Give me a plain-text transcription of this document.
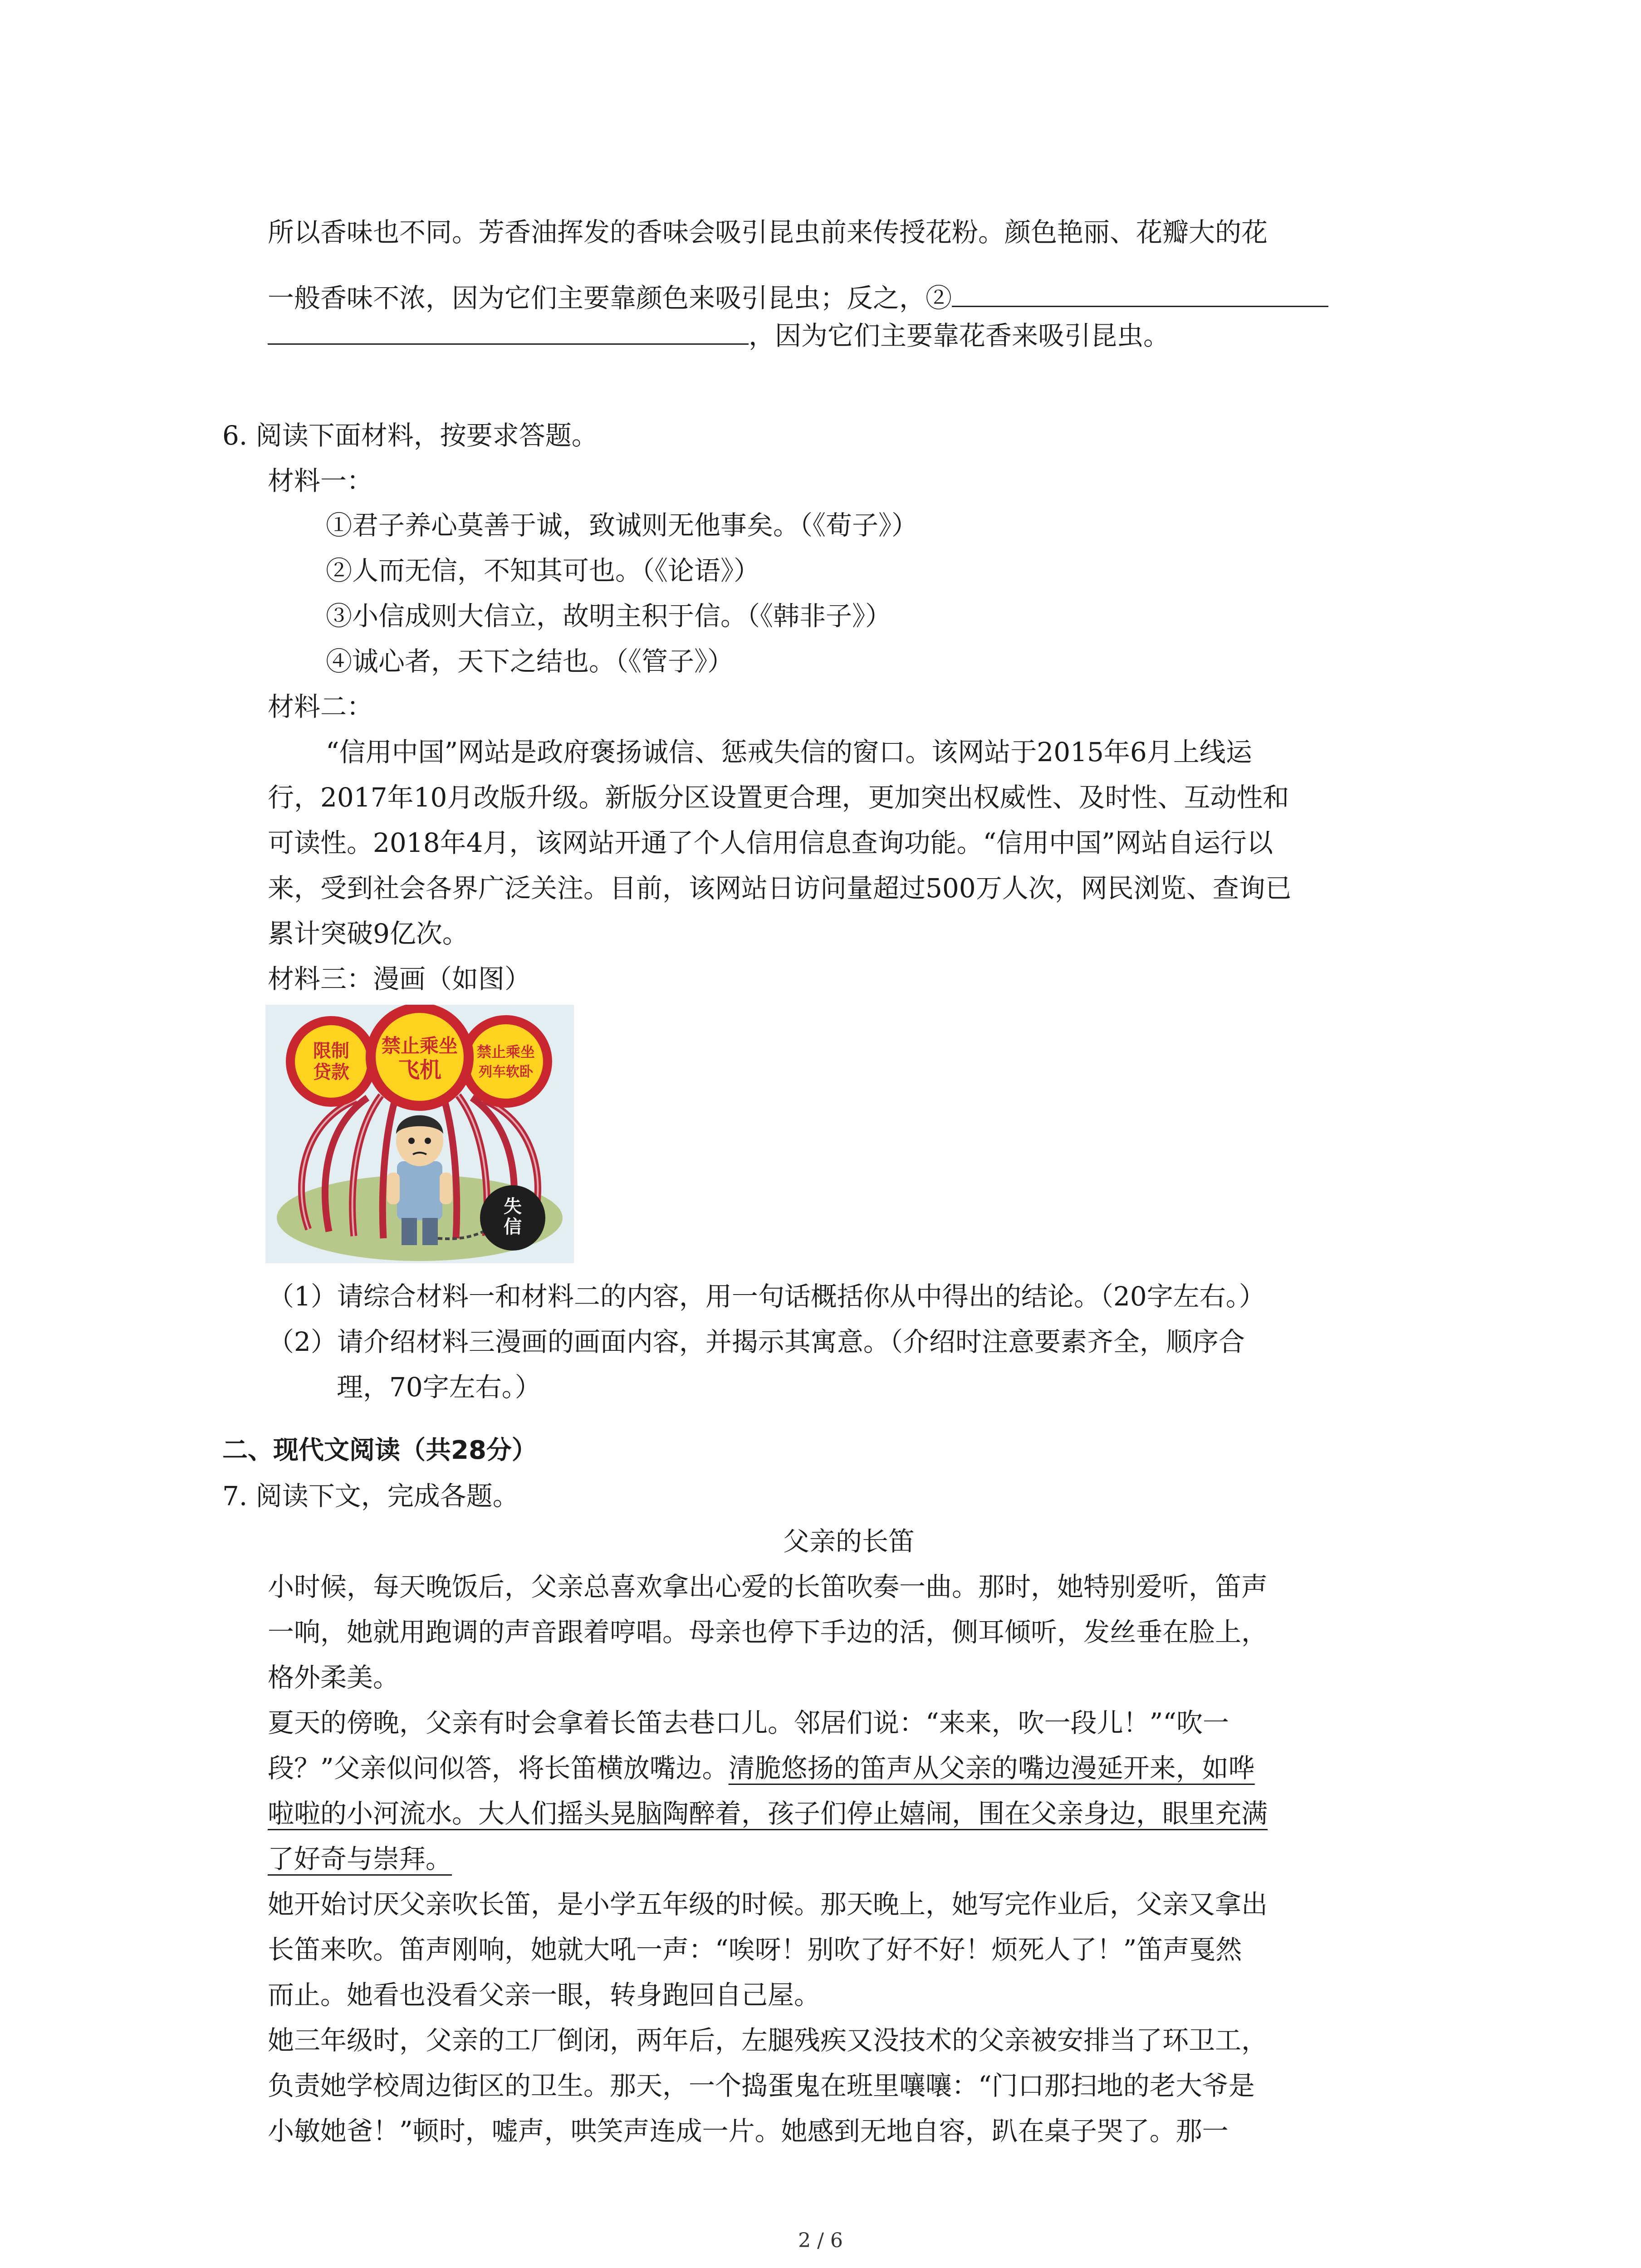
所以香味也不同。芳香油挥发的香味会吸引昆虫前来传授花粉。颜色艳丽、花瓣大的花
一般香味不浓，因为它们主要靠颜色来吸引昆虫；反之，②
，因为它们主要靠花香来吸引昆虫。
6. 阅读下面材料，按要求答题。
材料一：
①君子养心莫善于诚，致诚则无他事矣。（《荀子》）
②人而无信，不知其可也。（《论语》）
③小信成则大信立，故明主积于信。（《韩非子》）
④诚心者，天下之结也。（《管子》）
材料二：
“信用中国”网站是政府褒扬诚信、惩戒失信的窗口。该网站于2015年6月上线运
行，2017年10月改版升级。新版分区设置更合理，更加突出权威性、及时性、互动性和
可读性。2018年4月，该网站开通了个人信用信息查询功能。“信用中国”网站自运行以
来，受到社会各界广泛关注。目前，该网站日访问量超过500万人次，网民浏览、查询已
累计突破9亿次。
材料三：漫画（如图）
失
信
限制
贷款
禁止乘坐
列车软卧
禁止乘坐
飞机
（1）请综合材料一和材料二的内容，用一句话概括你从中得出的结论。（20字左右。）
（2）请介绍材料三漫画的画面内容，并揭示其寓意。（介绍时注意要素齐全，顺序合
理，70字左右。）
二、现代文阅读（共28分）
7. 阅读下文，完成各题。
父亲的长笛
小时候，每天晚饭后，父亲总喜欢拿出心爱的长笛吹奏一曲。那时，她特别爱听，笛声
一响，她就用跑调的声音跟着哼唱。母亲也停下手边的活，侧耳倾听，发丝垂在脸上，
格外柔美。
夏天的傍晚，父亲有时会拿着长笛去巷口儿。邻居们说：“来来，吹一段儿！”“吹一
段？”父亲似问似答，将长笛横放嘴边。清脆悠扬的笛声从父亲的嘴边漫延开来，如哗
啦啦的小河流水。大人们摇头晃脑陶醉着，孩子们停止嬉闹，围在父亲身边，眼里充满
了好奇与崇拜。
她开始讨厌父亲吹长笛，是小学五年级的时候。那天晚上，她写完作业后，父亲又拿出
长笛来吹。笛声刚响，她就大吼一声：“唉呀！别吹了好不好！烦死人了！”笛声戛然
而止。她看也没看父亲一眼，转身跑回自己屋。
她三年级时，父亲的工厂倒闭，两年后，左腿残疾又没技术的父亲被安排当了环卫工，
负责她学校周边街区的卫生。那天，一个捣蛋鬼在班里嚷嚷：“门口那扫地的老大爷是
小敏她爸！”顿时，嘘声，哄笑声连成一片。她感到无地自容，趴在桌子哭了。那一
2 / 6
